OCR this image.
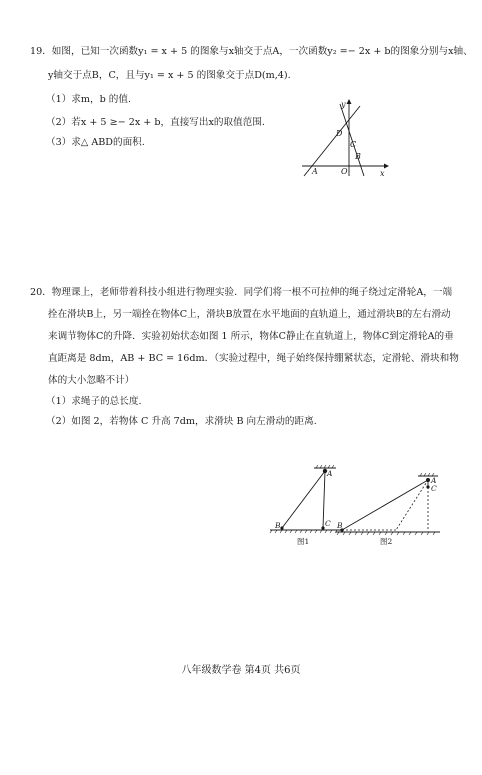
19．如图，已知一次函数y₁ = x + 5 的图象与x轴交于点A，一次函数y₂ =− 2x + b的图象分别与x轴、
y轴交于点B，C，且与y₁ = x + 5 的图象交于点D(m,4).
（1）求m，b 的值.
（2）若x + 5 ≥− 2x + b，直接写出x的取值范围.
（3）求△ ABD的面积.
y
x
D
C
B
A	O
20．物理课上，老师带着科技小组进行物理实验．同学们将一根不可拉伸的绳子绕过定滑轮A，一端
拴在滑块B上，另一端拴在物体C上，滑块B放置在水平地面的直轨道上，通过滑块B的左右滑动
来调节物体C的升降．实验初始状态如图 1 所示，物体C静止在直轨道上，物体C到定滑轮A的垂
直距离是 8dm，AB + BC = 16dm．（实验过程中，绳子始终保持绷紧状态，定滑轮、滑块和物
体的大小忽略不计）
（1）求绳子的总长度.
（2）如图 2，若物体 C 升高 7dm，求滑块 B 向左滑动的距离.
A
B	C
图1
A
B
C
图2
八年级数学卷 第4页 共6页
